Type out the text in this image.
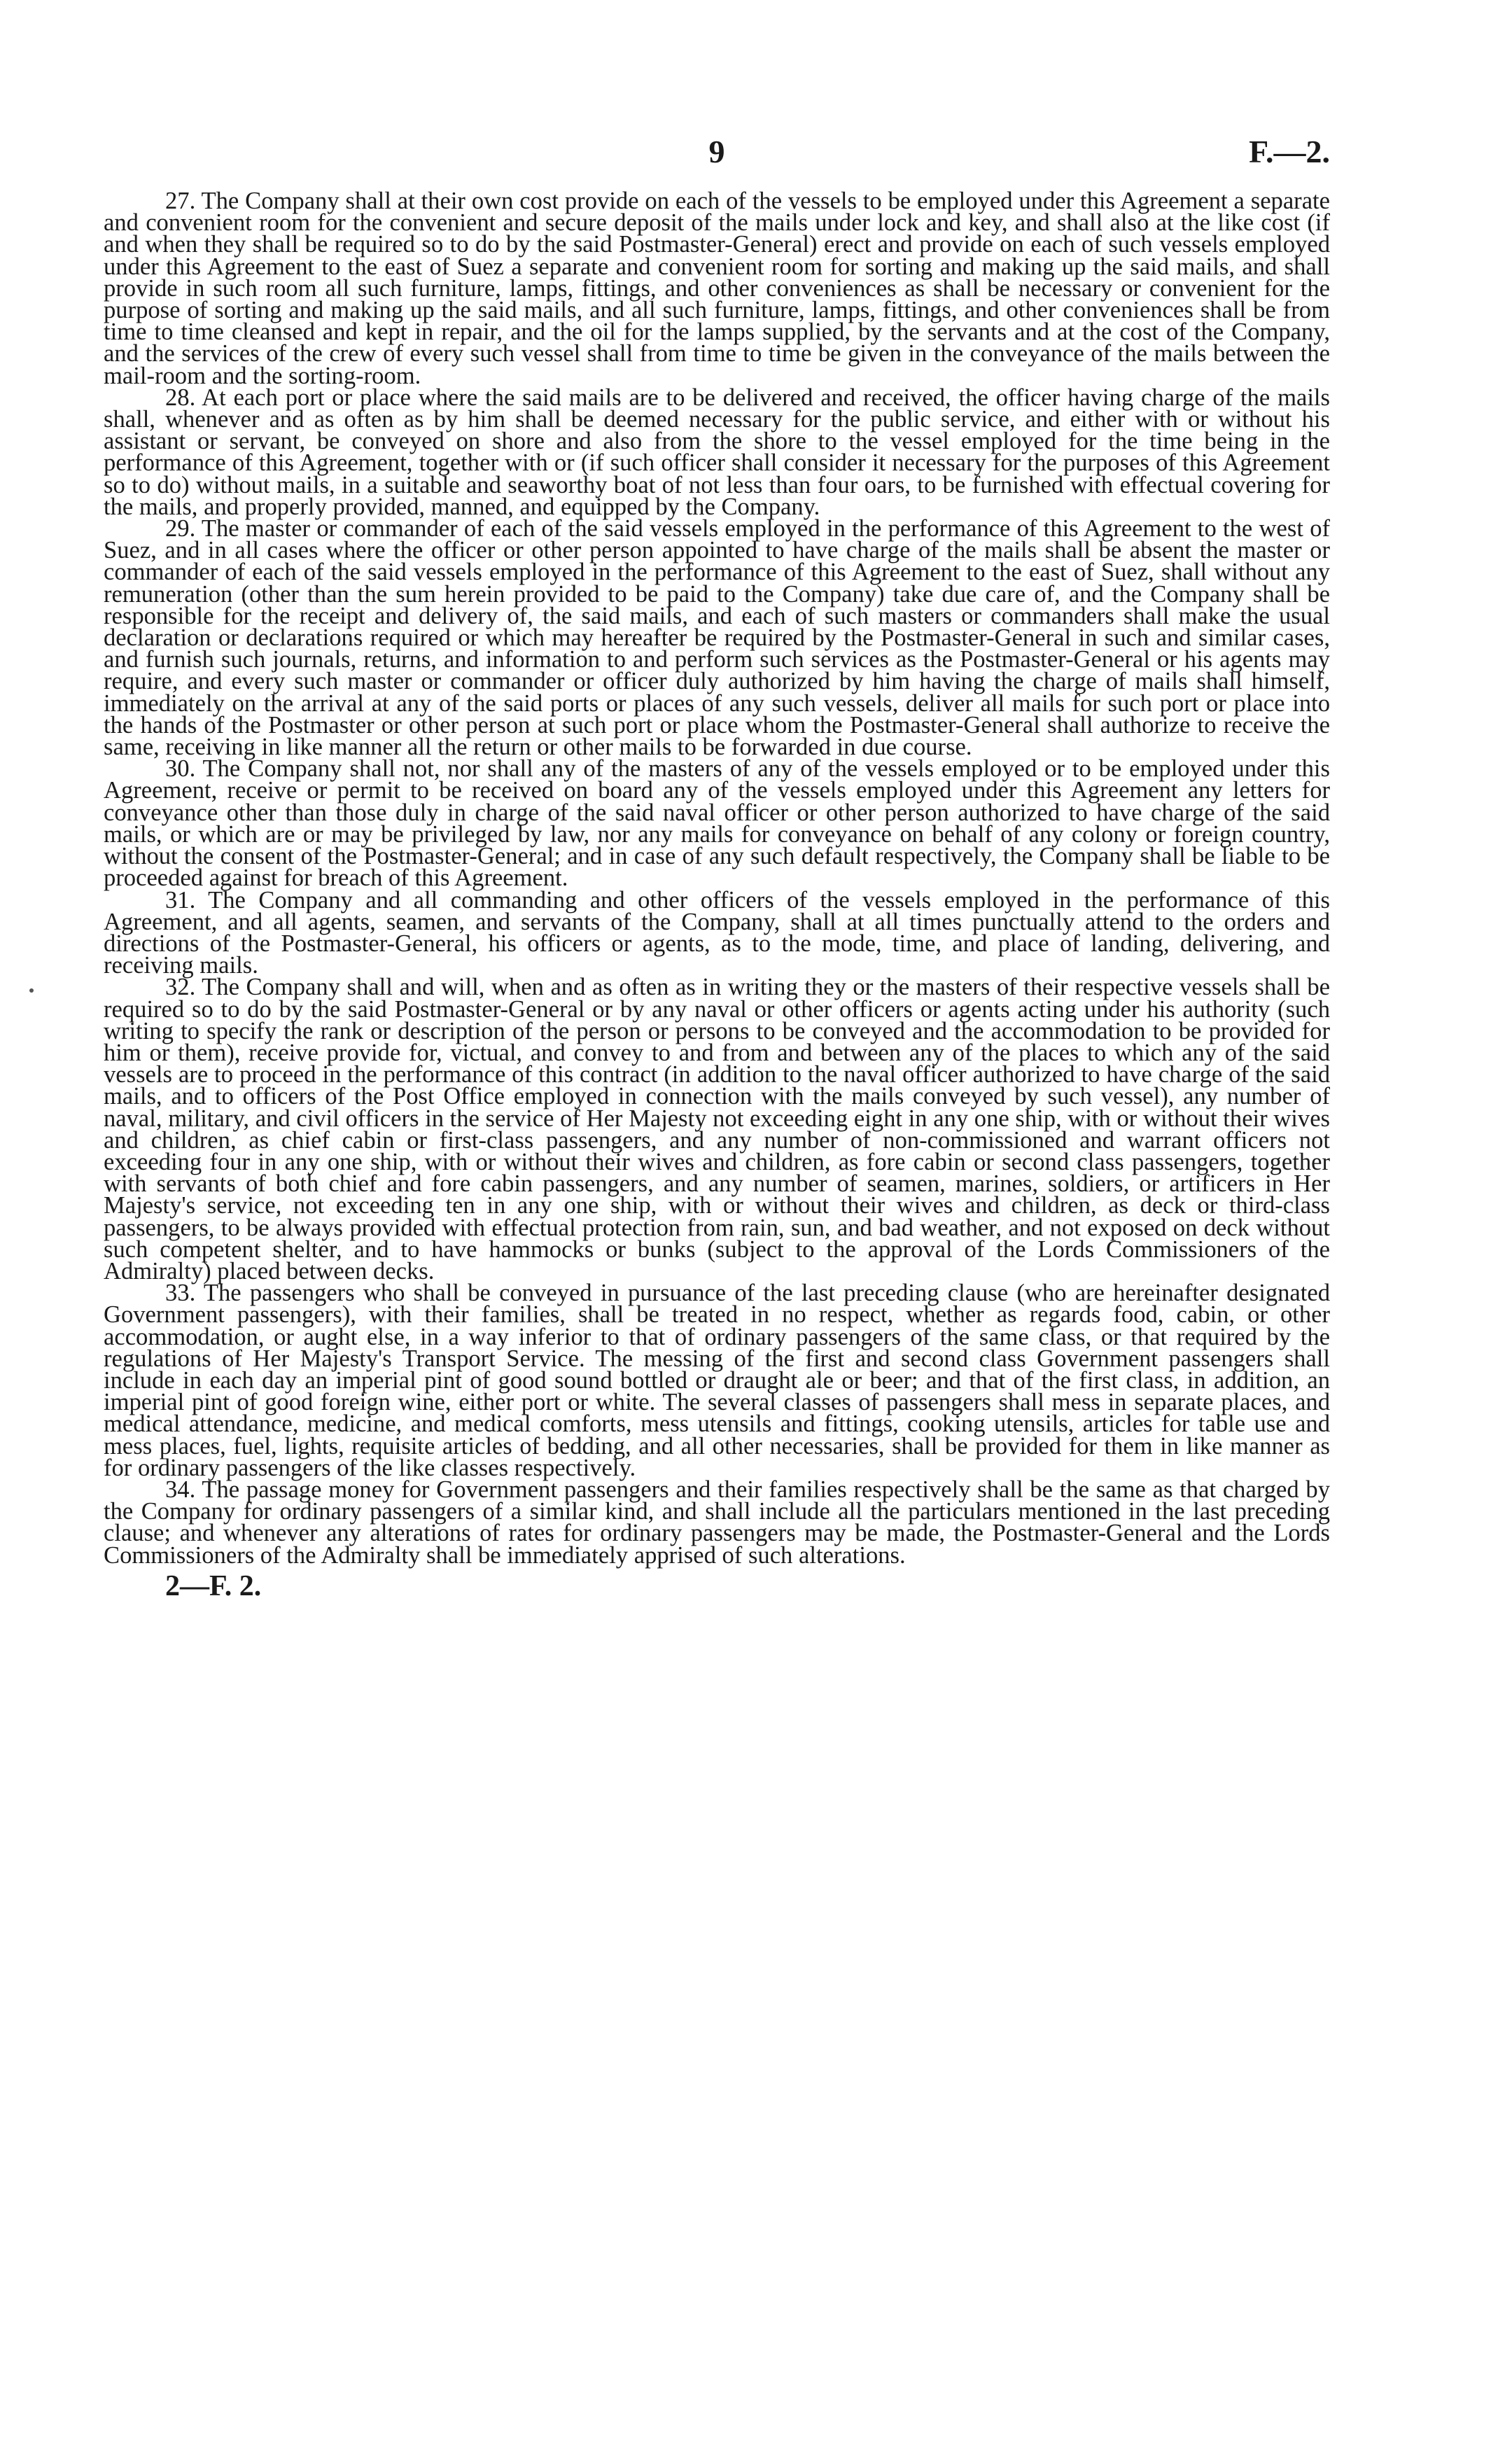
9	F.—2.

27. The Company shall at their own cost provide on each of the vessels to be employed under this Agreement a separate and convenient room for the convenient and secure deposit of the mails under lock and key, and shall also at the like cost (if and when they shall be required so to do by the said Postmaster-General) erect and provide on each of such vessels employed under this Agreement to the east of Suez a separate and convenient room for sorting and making up the said mails, and shall provide in such room all such furniture, lamps, fittings, and other conveniences as shall be necessary or convenient for the purpose of sorting and making up the said mails, and all such furniture, lamps, fittings, and other conveniences shall be from time to time cleansed and kept in repair, and the oil for the lamps supplied, by the servants and at the cost of the Company, and the services of the crew of every such vessel shall from time to time be given in the conveyance of the mails between the mail-room and the sorting-room.

28. At each port or place where the said mails are to be delivered and received, the officer having charge of the mails shall, whenever and as often as by him shall be deemed necessary for the public service, and either with or without his assistant or servant, be conveyed on shore and also from the shore to the vessel employed for the time being in the performance of this Agreement, together with or (if such officer shall consider it necessary for the purposes of this Agreement so to do) without mails, in a suitable and seaworthy boat of not less than four oars, to be furnished with effectual covering for the mails, and properly provided, manned, and equipped by the Company.

29. The master or commander of each of the said vessels employed in the performance of this Agreement to the west of Suez, and in all cases where the officer or other person appointed to have charge of the mails shall be absent the master or commander of each of the said vessels employed in the performance of this Agreement to the east of Suez, shall without any remuneration (other than the sum herein provided to be paid to the Company) take due care of, and the Company shall be responsible for the receipt and delivery of, the said mails, and each of such masters or commanders shall make the usual declaration or declarations required or which may hereafter be required by the Postmaster-General in such and similar cases, and furnish such journals, returns, and information to and perform such services as the Postmaster-General or his agents may require, and every such master or commander or officer duly authorized by him having the charge of mails shall himself, immediately on the arrival at any of the said ports or places of any such vessels, deliver all mails for such port or place into the hands of the Postmaster or other person at such port or place whom the Postmaster-General shall authorize to receive the same, receiving in like manner all the return or other mails to be forwarded in due course.

30. The Company shall not, nor shall any of the masters of any of the vessels employed or to be employed under this Agreement, receive or permit to be received on board any of the vessels employed under this Agreement any letters for conveyance other than those duly in charge of the said naval officer or other person authorized to have charge of the said mails, or which are or may be privileged by law, nor any mails for conveyance on behalf of any colony or foreign country, without the consent of the Postmaster-General; and in case of any such default respectively, the Company shall be liable to be proceeded against for breach of this Agreement.

31. The Company and all commanding and other officers of the vessels employed in the performance of this Agreement, and all agents, seamen, and servants of the Company, shall at all times punctually attend to the orders and directions of the Postmaster-General, his officers or agents, as to the mode, time, and place of landing, delivering, and receiving mails.

32. The Company shall and will, when and as often as in writing they or the masters of their respective vessels shall be required so to do by the said Postmaster-General or by any naval or other officers or agents acting under his authority (such writing to specify the rank or description of the person or persons to be conveyed and the accommodation to be provided for him or them), receive provide for, victual, and convey to and from and between any of the places to which any of the said vessels are to proceed in the performance of this contract (in addition to the naval officer authorized to have charge of the said mails, and to officers of the Post Office employed in connection with the mails conveyed by such vessel), any number of naval, military, and civil officers in the service of Her Majesty not exceeding eight in any one ship, with or without their wives and children, as chief cabin or first-class passengers, and any number of non-commissioned and warrant officers not exceeding four in any one ship, with or without their wives and children, as fore cabin or second class passengers, together with servants of both chief and fore cabin passengers, and any number of seamen, marines, soldiers, or artificers in Her Majesty's service, not exceeding ten in any one ship, with or without their wives and children, as deck or third-class passengers, to be always provided with effectual protection from rain, sun, and bad weather, and not exposed on deck without such competent shelter, and to have hammocks or bunks (subject to the approval of the Lords Commissioners of the Admiralty) placed between decks.

33. The passengers who shall be conveyed in pursuance of the last preceding clause (who are hereinafter designated Government passengers), with their families, shall be treated in no respect, whether as regards food, cabin, or other accommodation, or aught else, in a way inferior to that of ordinary passengers of the same class, or that required by the regulations of Her Majesty's Transport Service. The messing of the first and second class Government passengers shall include in each day an imperial pint of good sound bottled or draught ale or beer; and that of the first class, in addition, an imperial pint of good foreign wine, either port or white. The several classes of passengers shall mess in separate places, and medical attendance, medicine, and medical comforts, mess utensils and fittings, cooking utensils, articles for table use and mess places, fuel, lights, requisite articles of bedding, and all other necessaries, shall be provided for them in like manner as for ordinary passengers of the like classes respectively.

34. The passage money for Government passengers and their families respectively shall be the same as that charged by the Company for ordinary passengers of a similar kind, and shall include all the particulars mentioned in the last preceding clause; and whenever any alterations of rates for ordinary passengers may be made, the Postmaster-General and the Lords Commissioners of the Admiralty shall be immediately apprised of such alterations.

2—F. 2.
